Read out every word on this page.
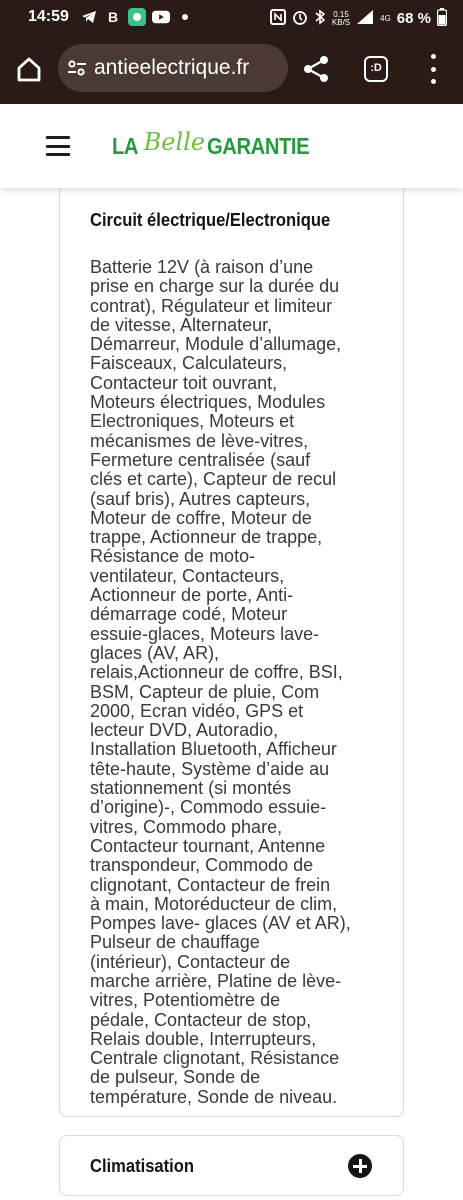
14:59	B	0.15
KB/S	4G 68 %
antieelectrique.fr	:D
LA Belle GARANTIE
Circuit électrique/Electronique
Batterie 12V (à raison d’une
prise en charge sur la durée du
contrat), Régulateur et limiteur
de vitesse, Alternateur,
Démarreur, Module d’allumage,
Faisceaux, Calculateurs,
Contacteur toit ouvrant,
Moteurs électriques, Modules
Electroniques, Moteurs et
mécanismes de lève-vitres,
Fermeture centralisée (sauf
clés et carte), Capteur de recul
(sauf bris), Autres capteurs,
Moteur de coffre, Moteur de
trappe, Actionneur de trappe,
Résistance de moto-
ventilateur, Contacteurs,
Actionneur de porte, Anti-
démarrage codé, Moteur
essuie-glaces, Moteurs lave-
glaces (AV, AR),
relais,Actionneur de coffre, BSI,
BSM, Capteur de pluie, Com
2000, Ecran vidéo, GPS et
lecteur DVD, Autoradio,
Installation Bluetooth, Afficheur
tête-haute, Système d’aide au
stationnement (si montés
d’origine)-, Commodo essuie-
vitres, Commodo phare,
Contacteur tournant, Antenne
transpondeur, Commodo de
clignotant, Contacteur de frein
à main, Motoréducteur de clim,
Pompes lave- glaces (AV et AR),
Pulseur de chauffage
(intérieur), Contacteur de
marche arrière, Platine de lève-
vitres, Potentiomètre de
pédale, Contacteur de stop,
Relais double, Interrupteurs,
Centrale clignotant, Résistance
de pulseur, Sonde de
température, Sonde de niveau.
Climatisation
